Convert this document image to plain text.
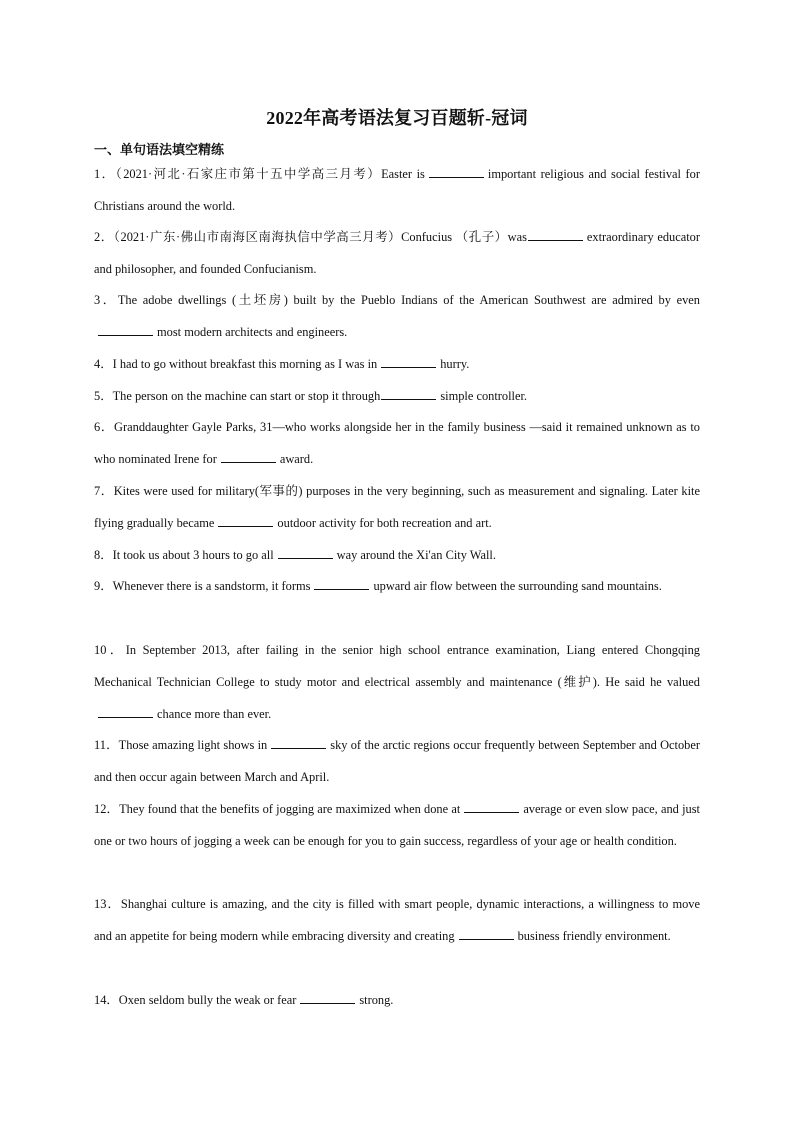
2022年高考语法复习百题斩-冠词
一、单句语法填空精练
1．（2021·河北·石家庄市第十五中学高三月考）Easter is	important religious and social festival for Christians around the world.
2．（2021·广东·佛山市南海区南海执信中学高三月考）Confucius （孔子）was	extraordinary educator and philosopher, and founded Confucianism.
3．The adobe dwellings (土坯房) built by the Pueblo Indians of the American Southwest are admired by evenmost modern architects and engineers.
4．I had to go without breakfast this morning as I was in	hurry.
5．The person on the machine can start or stop it through	simple controller.
6．Granddaughter Gayle Parks, 31—who works alongside her in the family business —said it remained unknown as to who nominated Irene for	award.
7．Kites were used for military(军事的) purposes in the very beginning, such as measurement and signaling. Later kite flying gradually became	outdoor activity for both recreation and art.
8．It took us about 3 hours to go all	way around the Xi'an City Wall.
9．Whenever there is a sandstorm, it forms	upward air flow between the surrounding sand mountains.
10．In September 2013, after failing in the senior high school entrance examination, Liang entered Chongqing Mechanical Technician College to study motor and electrical assembly and maintenance (维护). He said he valuedchance more than ever.
11．Those amazing light shows in	sky of the arctic regions occur frequently between September and October and then occur again between March and April.
12．They found that the benefits of jogging are maximized when done at	average or even slow pace, and just one or two hours of jogging a week can be enough for you to gain success, regardless of your age or health condition.
13．Shanghai culture is amazing, and the city is filled with smart people, dynamic interactions, a willingness to move and an appetite for being modern while embracing diversity and creating	business friendly environment.
14．Oxen seldom bully the weak or fear	strong.
